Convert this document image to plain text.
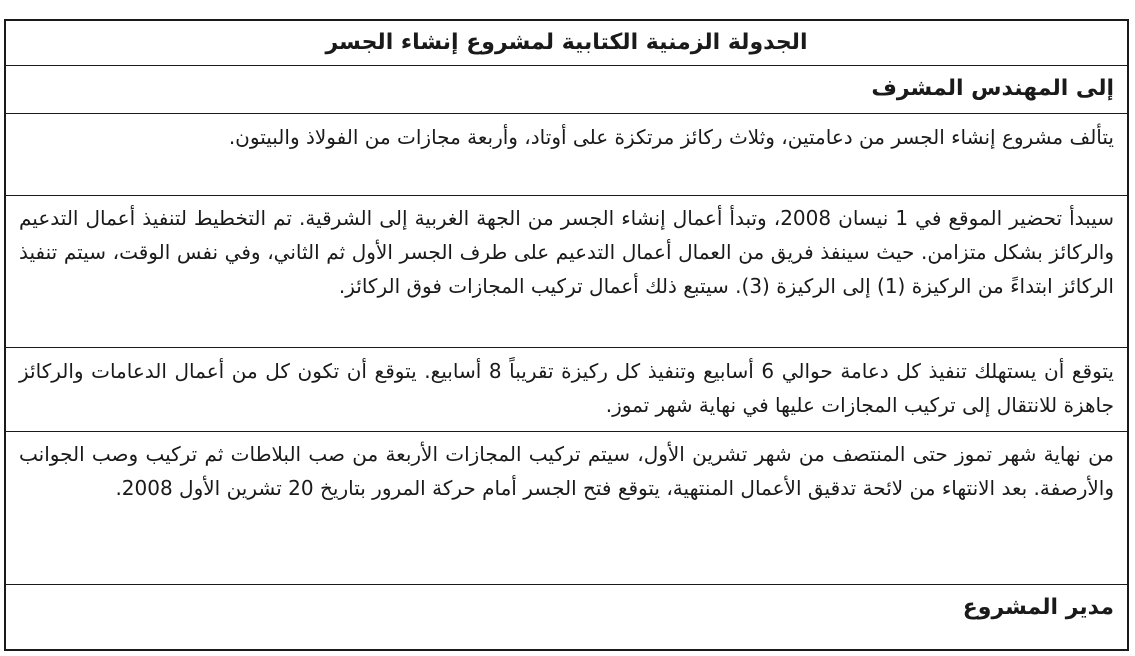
الجدولة الزمنية الكتابية لمشروع إنشاء الجسر
إلى المهندس المشرف
يتألف مشروع إنشاء الجسر من دعامتين، وثلاث ركائز مرتكزة على أوتاد، وأربعة مجازات من الفولاذ والبيتون.
سيبدأ تحضير الموقع في 1 نيسان 2008، وتبدأ أعمال إنشاء الجسر من الجهة الغربية إلى الشرقية. تم التخطيط لتنفيذ أعمال التدعيم والركائز بشكل متزامن. حيث سينفذ فريق من العمال أعمال التدعيم على طرف الجسر الأول ثم الثاني، وفي نفس الوقت، سيتم تنفيذ الركائز ابتداءً من الركيزة (1) إلى الركيزة (3). سيتبع ذلك أعمال تركيب المجازات فوق الركائز.
يتوقع أن يستهلك تنفيذ كل دعامة حوالي 6 أسابيع وتنفيذ كل ركيزة تقريباً 8 أسابيع. يتوقع أن تكون كل من أعمال الدعامات والركائز جاهزة للانتقال إلى تركيب المجازات عليها في نهاية شهر تموز.
من نهاية شهر تموز حتى المنتصف من شهر تشرين الأول، سيتم تركيب المجازات الأربعة من صب البلاطات ثم تركيب وصب الجوانب والأرصفة. بعد الانتهاء من لائحة تدقيق الأعمال المنتهية، يتوقع فتح الجسر أمام حركة المرور بتاريخ 20 تشرين الأول 2008.
مدير المشروع
